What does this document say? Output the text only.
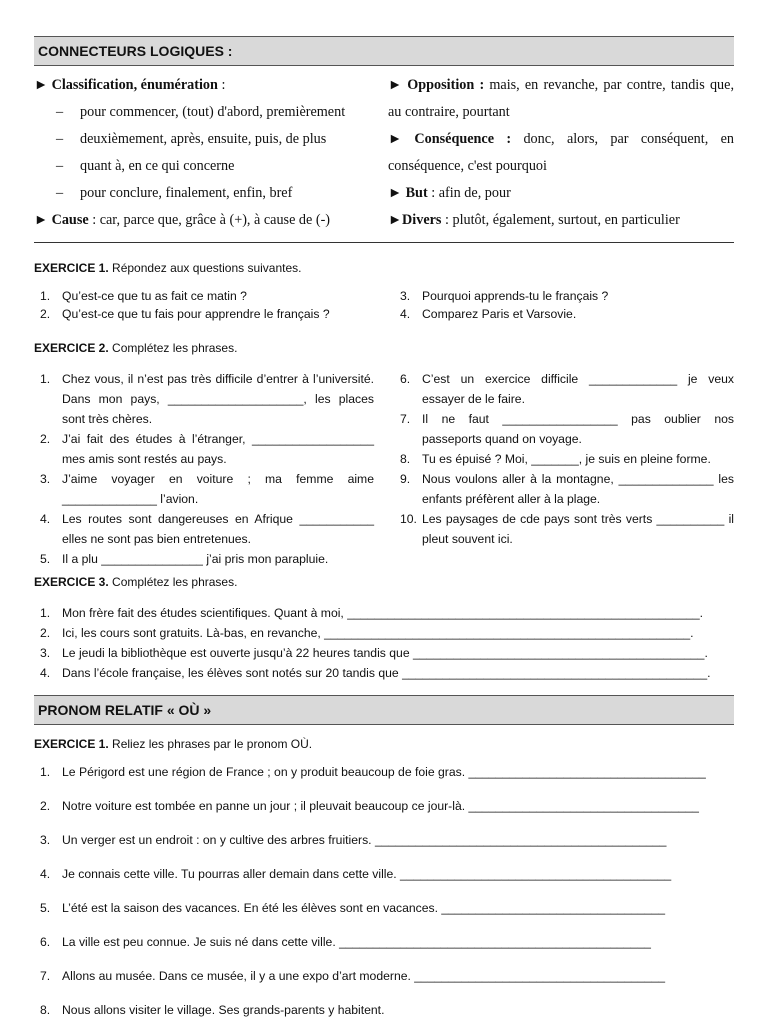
CONNECTEURS LOGIQUES :
► Classification, énumération :
– pour commencer, (tout) d'abord, premièrement
– deuxièmement, après, ensuite, puis, de plus
– quant à, en ce qui concerne
– pour conclure, finalement, enfin, bref
► Cause : car, parce que, grâce à (+), à cause de (-)
► Opposition : mais, en revanche, par contre, tandis que, au contraire, pourtant
► Conséquence : donc, alors, par conséquent, en conséquence, c'est pourquoi
► But : afin de, pour
►Divers : plutôt, également, surtout, en particulier
EXERCICE 1. Répondez aux questions suivantes.
1. Qu’est-ce que tu as fait ce matin ?
2. Qu’est-ce que tu fais pour apprendre le français ?
3. Pourquoi apprends-tu le français ?
4. Comparez Paris et Varsovie.
EXERCICE 2. Complétez les phrases.
1. Chez vous, il n’est pas très difficile d’entrer à l’université. Dans mon pays, ____________________, les places sont très chères.
2. J’ai fait des études à l’étranger, __________________ mes amis sont restés au pays.
3. J’aime voyager en voiture ; ma femme aime ______________ l’avion.
4. Les routes sont dangereuses en Afrique ___________ elles ne sont pas bien entretenues.
5. Il a plu _______________ j’ai pris mon parapluie.
6. C’est un exercice difficile _____________ je veux essayer de le faire.
7. Il ne faut _________________ pas oublier nos passeports quand on voyage.
8. Tu es épuisé ? Moi, _______, je suis en pleine forme.
9. Nous voulons aller à la montagne, ______________ les enfants préfèrent aller à la plage.
10. Les paysages de cde pays sont très verts __________ il pleut souvent ici.
EXERCICE 3. Complétez les phrases.
1. Mon frère fait des études scientifiques. Quant à moi, ____________________________________________________.
2. Ici, les cours sont gratuits. Là-bas, en revanche, ______________________________________________________.
3. Le jeudi la bibliothèque est ouverte jusqu’à 22 heures tandis que ___________________________________________.
4. Dans l’école française, les élèves sont notés sur 20 tandis que _____________________________________________.
PRONOM RELATIF « OÙ »
EXERCICE 1. Reliez les phrases par le pronom OÙ.
1. Le Périgord est une région de France ; on y produit beaucoup de foie gras. ___________________________________
2. Notre voiture est tombée en panne un jour ; il pleuvait beaucoup ce jour-là. __________________________________
3. Un verger est un endroit : on y cultive des arbres fruitiers. ___________________________________________
4. Je connais cette ville. Tu pourras aller demain dans cette ville. ________________________________________
5. L’été est la saison des vacances. En été les élèves sont en vacances. _________________________________
6. La ville est peu connue. Je suis né dans cette ville. ______________________________________________
7. Allons au musée. Dans ce musée, il y a une expo d’art moderne. _____________________________________
8. Nous allons visiter le village. Ses grands-parents y habitent.
